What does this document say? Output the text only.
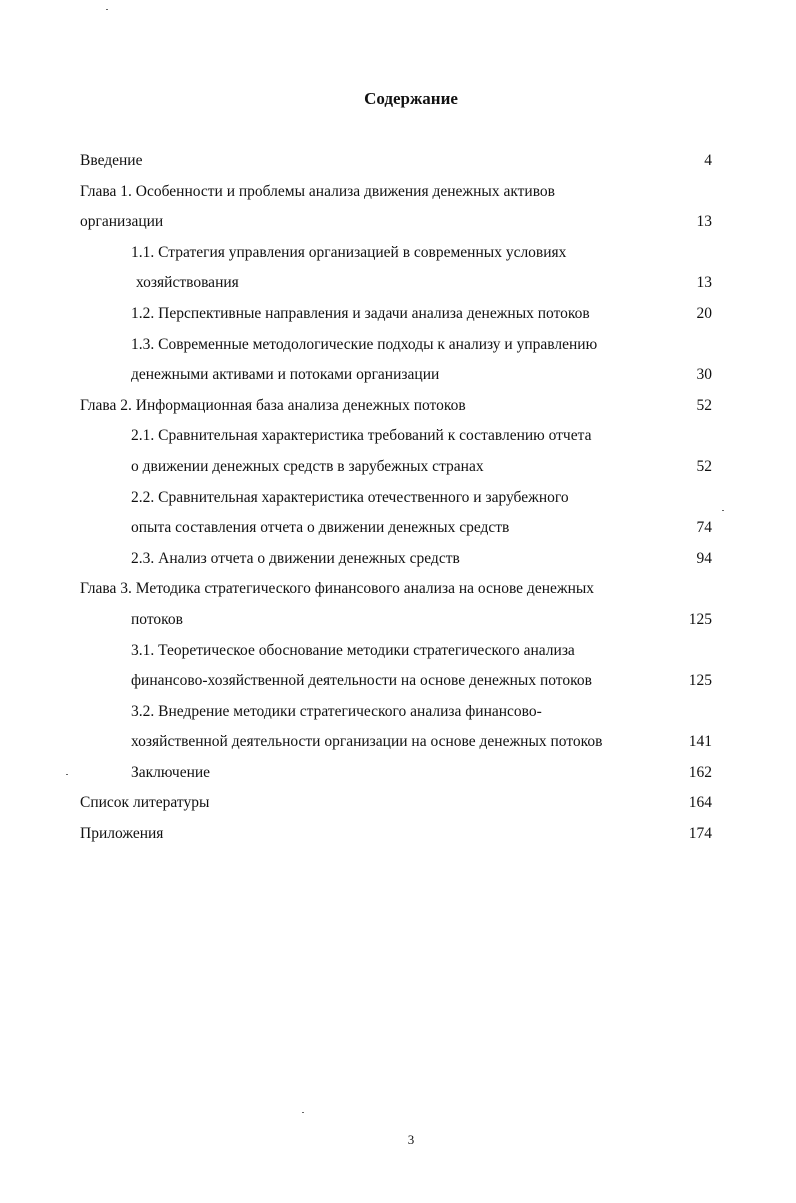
Содержание
Введение	4
Глава 1. Особенности и проблемы анализа движения денежных активов
организации	13
1.1. Стратегия управления организацией в современных условиях
хозяйствования	13
1.2. Перспективные направления и задачи анализа денежных потоков	20
1.3. Современные методологические подходы к анализу и управлению
денежными активами и потоками организации	30
Глава 2. Информационная база анализа денежных потоков	52
2.1. Сравнительная характеристика требований к составлению отчета
о движении денежных средств в зарубежных странах	52
2.2. Сравнительная характеристика отечественного и зарубежного
опыта составления отчета о движении денежных средств	74
2.3. Анализ отчета о движении денежных средств	94
Глава 3. Методика стратегического финансового анализа на основе денежных
потоков	125
3.1. Теоретическое обоснование методики стратегического анализа
финансово-хозяйственной деятельности на основе денежных потоков	125
3.2. Внедрение методики стратегического анализа финансово-
хозяйственной деятельности организации на основе денежных потоков	141
Заключение	162
Список литературы	164
Приложения	174
3
